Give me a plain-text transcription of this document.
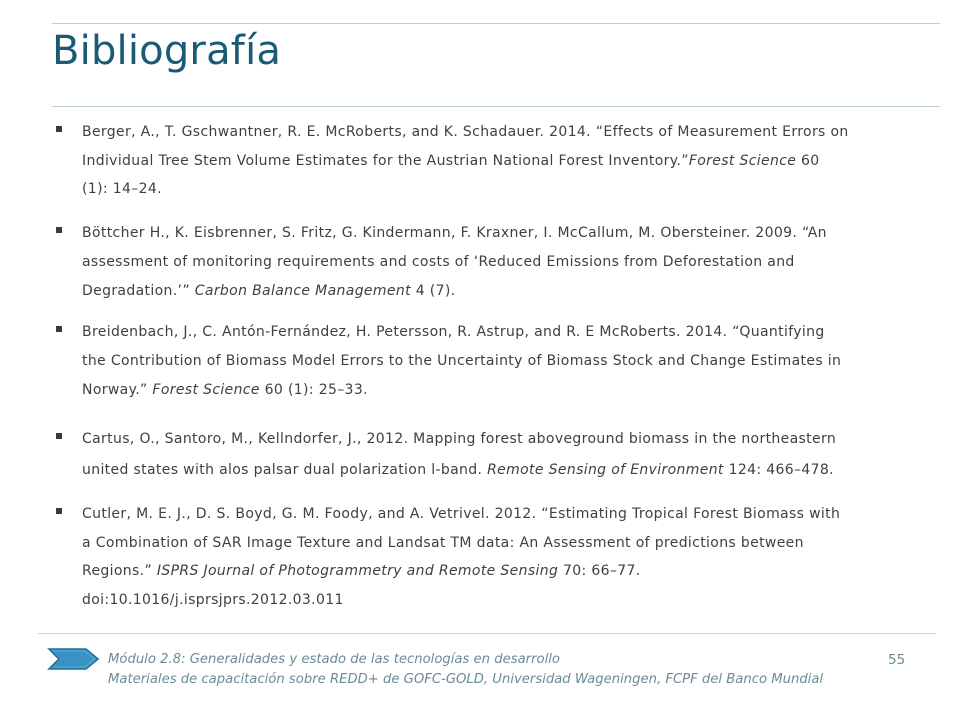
Bibliografía
Berger, A., T. Gschwantner, R. E. McRoberts, and K. Schadauer. 2014. “Effects of Measurement Errors on
Individual Tree Stem Volume Estimates for the Austrian National Forest Inventory.”Forest Science 60
(1): 14–24.
Böttcher H., K. Eisbrenner, S. Fritz, G. Kindermann, F. Kraxner, I. McCallum, M. Obersteiner. 2009. “An
assessment of monitoring requirements and costs of ‘Reduced Emissions from Deforestation and
Degradation.’” Carbon Balance Management 4 (7).
Breidenbach, J., C. Antón-Fernández, H. Petersson, R. Astrup, and R. E McRoberts. 2014. “Quantifying
the Contribution of Biomass Model Errors to the Uncertainty of Biomass Stock and Change Estimates in
Norway.” Forest Science 60 (1): 25–33.
Cartus, O., Santoro, M., Kellndorfer, J., 2012. Mapping forest aboveground biomass in the northeastern
united states with alos palsar dual polarization l-band. Remote Sensing of Environment 124: 466–478.
Cutler, M. E. J., D. S. Boyd, G. M. Foody, and A. Vetrivel. 2012. “Estimating Tropical Forest Biomass with
a Combination of SAR Image Texture and Landsat TM data: An Assessment of predictions between
Regions.” ISPRS Journal of Photogrammetry and Remote Sensing 70: 66–77.
doi:10.1016/j.isprsjprs.2012.03.011
Módulo 2.8: Generalidades y estado de las tecnologías en desarrollo
Materiales de capacitación sobre REDD+ de GOFC-GOLD, Universidad Wageningen, FCPF del Banco Mundial
55
